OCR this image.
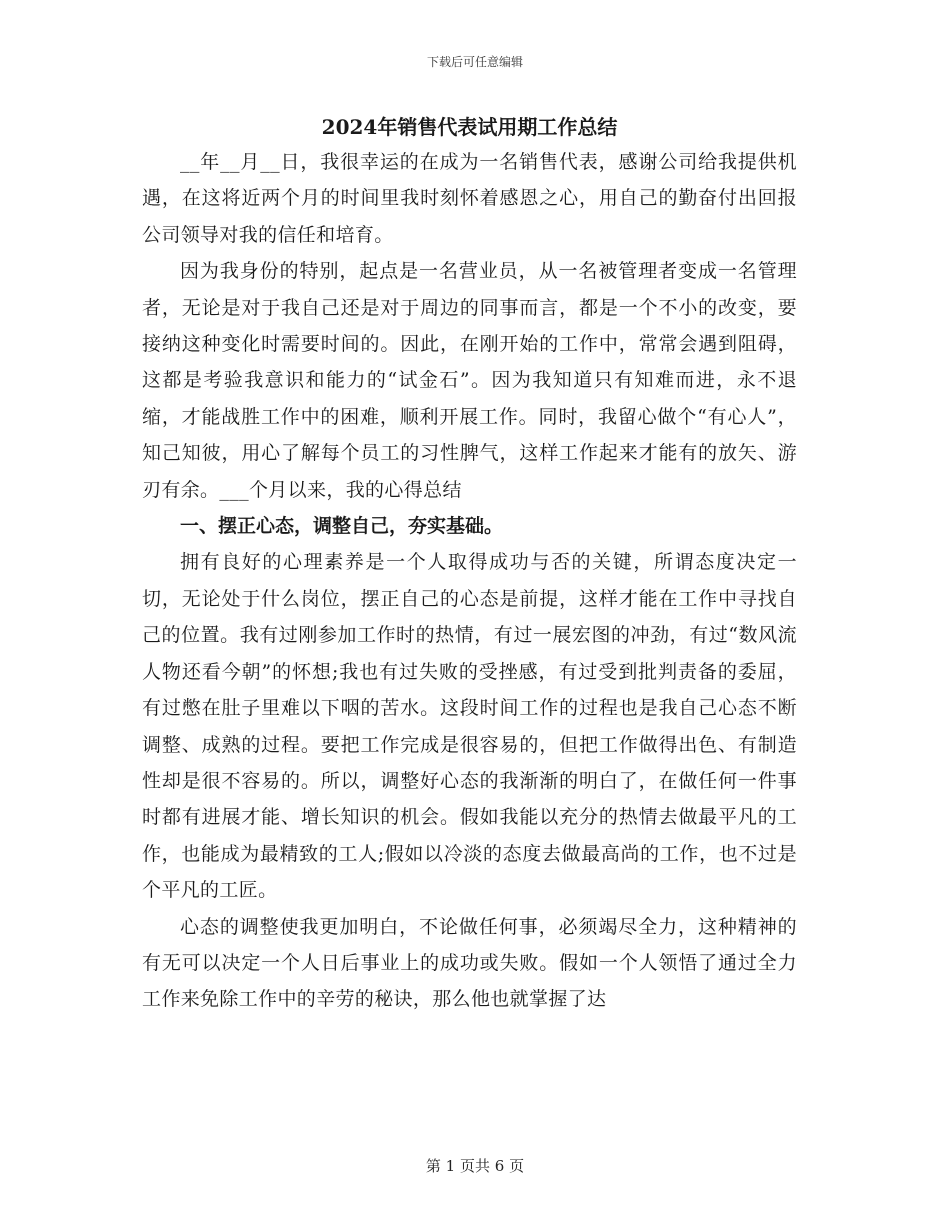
下载后可任意编辑
2024年销售代表试用期工作总结

__年__月__日，我很幸运的在成为一名销售代表，感谢公司给我提供机遇，在这将近两个月的时间里我时刻怀着感恩之心，用自己的勤奋付出回报公司领导对我的信任和培育。

因为我身份的特别，起点是一名营业员，从一名被管理者变成一名管理者，无论是对于我自己还是对于周边的同事而言，都是一个不小的改变，要接纳这种变化时需要时间的。因此，在刚开始的工作中，常常会遇到阻碍，这都是考验我意识和能力的“试金石”。因为我知道只有知难而进，永不退缩，才能战胜工作中的困难，顺利开展工作。同时，我留心做个“有心人”，知己知彼，用心了解每个员工的习性脾气，这样工作起来才能有的放矢、游刃有余。___个月以来，我的心得总结

一、摆正心态，调整自己，夯实基础。

拥有良好的心理素养是一个人取得成功与否的关键，所谓态度决定一切，无论处于什么岗位，摆正自己的心态是前提，这样才能在工作中寻找自己的位置。我有过刚参加工作时的热情，有过一展宏图的冲劲，有过“数风流人物还看今朝”的怀想;我也有过失败的受挫感，有过受到批判责备的委屈，有过憋在肚子里难以下咽的苦水。这段时间工作的过程也是我自己心态不断调整、成熟的过程。要把工作完成是很容易的，但把工作做得出色、有制造性却是很不容易的。所以，调整好心态的我渐渐的明白了，在做任何一件事时都有进展才能、增长知识的机会。假如我能以充分的热情去做最平凡的工作，也能成为最精致的工人;假如以冷淡的态度去做最高尚的工作，也不过是个平凡的工匠。

心态的调整使我更加明白，不论做任何事，必须竭尽全力，这种精神的有无可以决定一个人日后事业上的成功或失败。假如一个人领悟了通过全力工作来免除工作中的辛劳的秘诀，那么他也就掌握了达

第 1 页共 6 页
